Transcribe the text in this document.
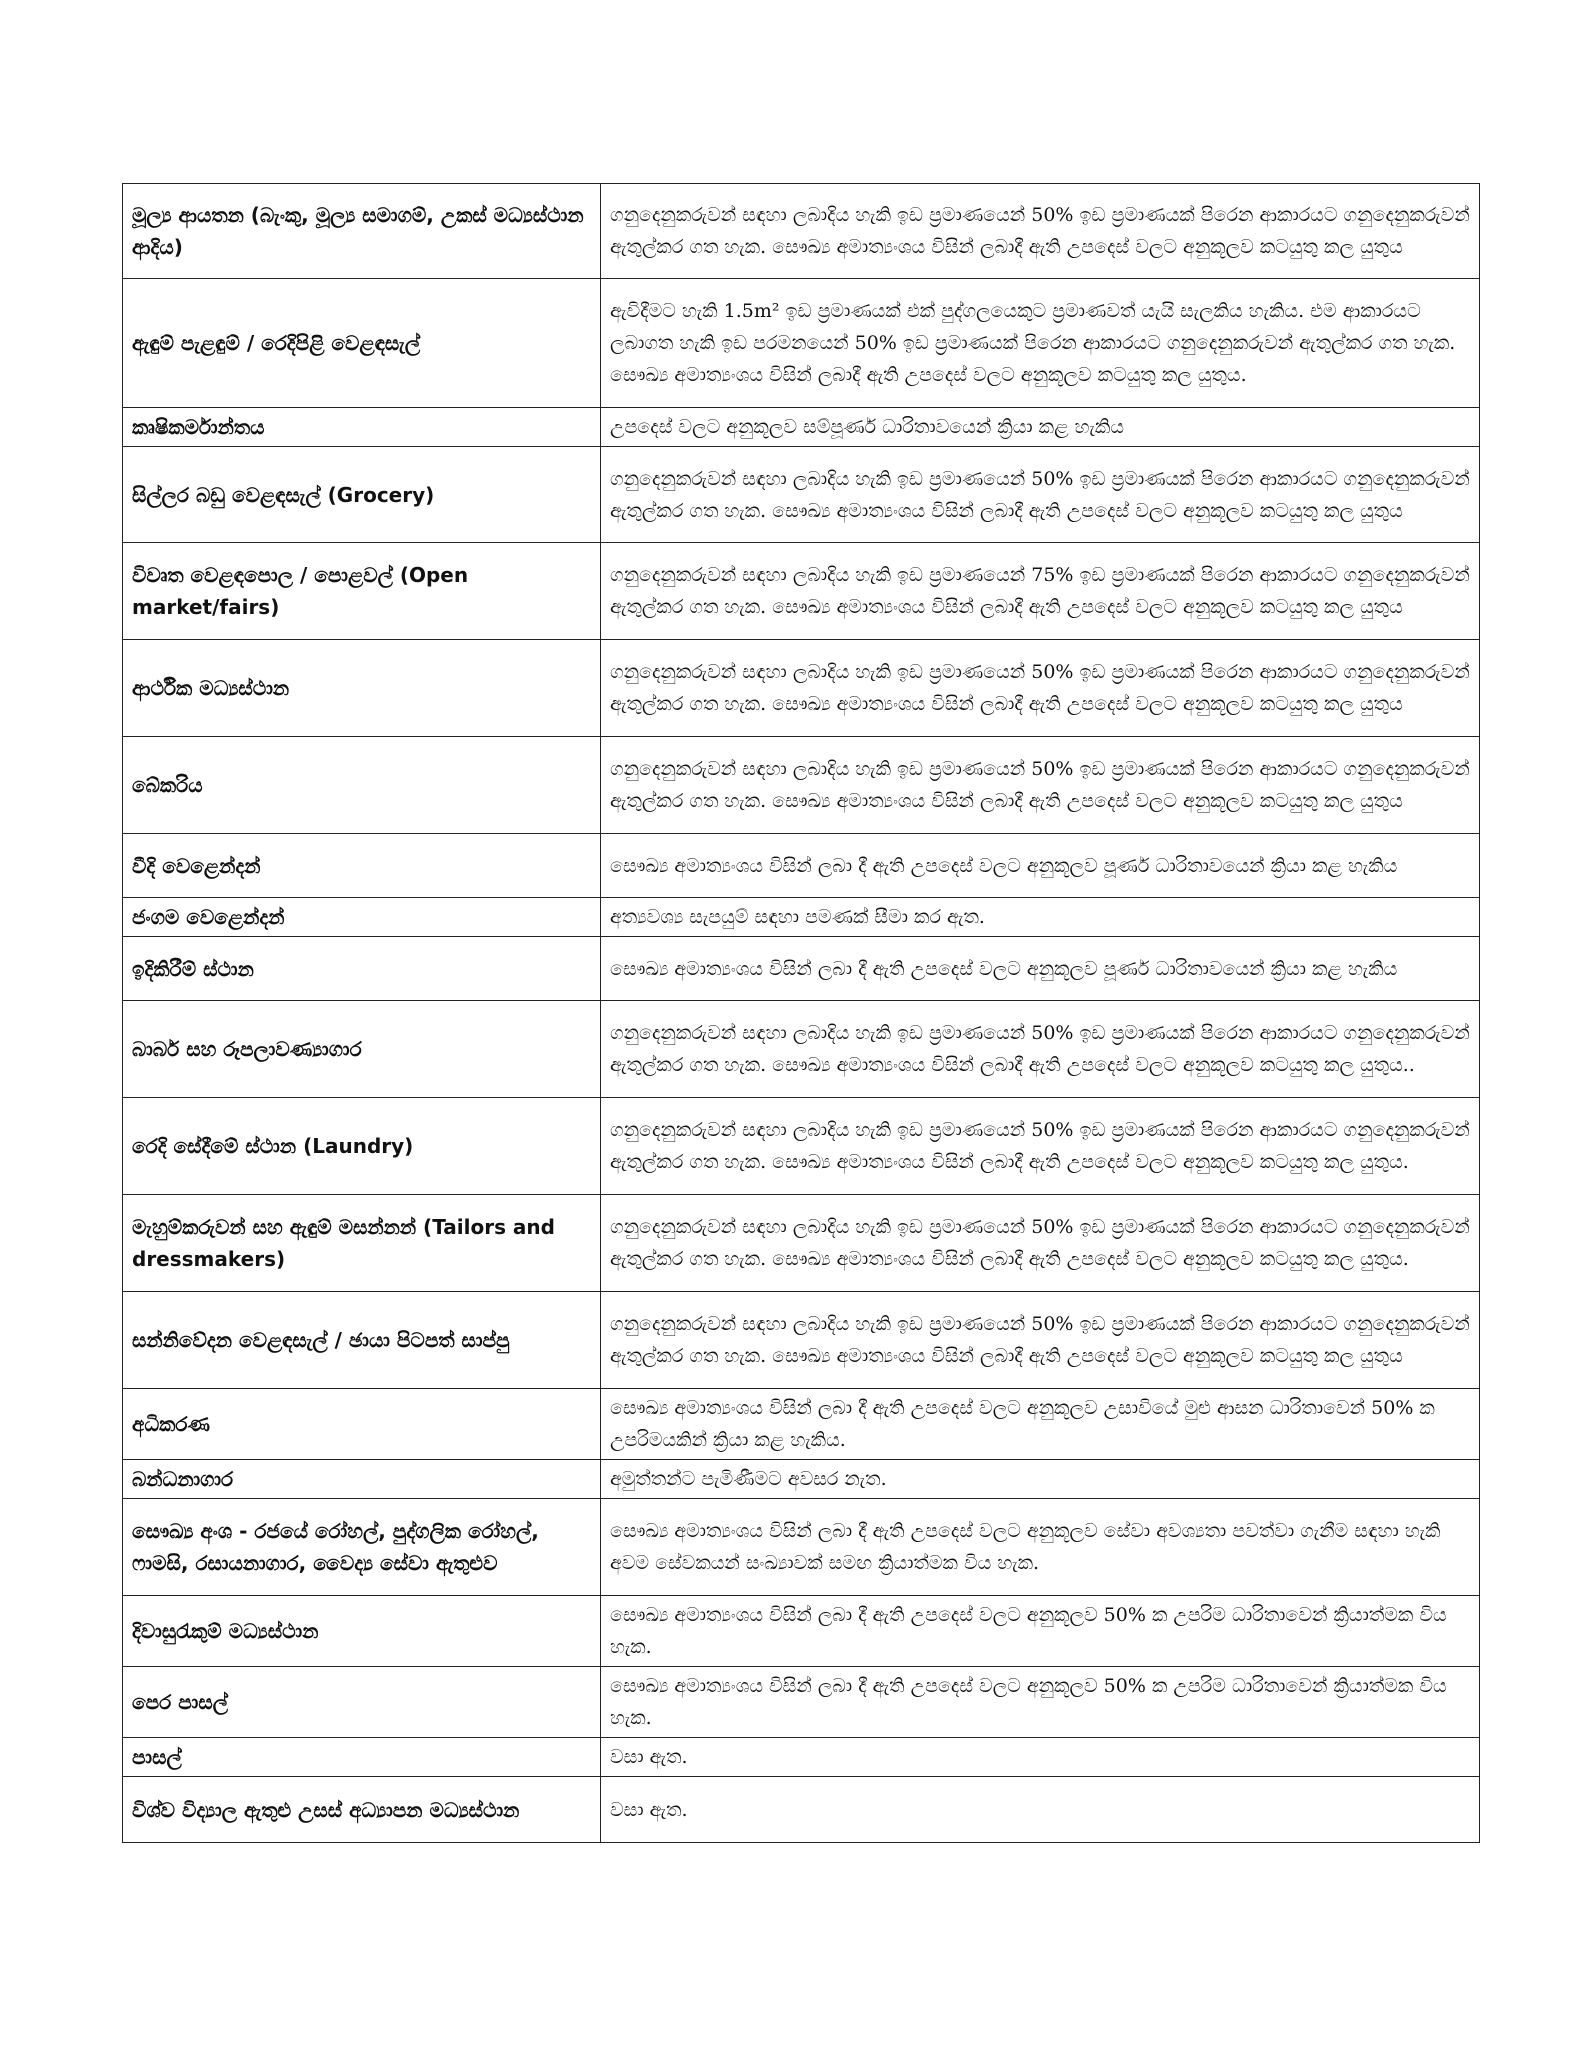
මූල්‍ය ආයතන (බැංකු, මූල්‍ය සමාගම්, උකස් මධ්‍යස්ථාන ආදිය)	ගනුදෙනුකරුවන් සඳහා ලබාදිය හැකි ඉඩ ප්‍රමාණයෙන් 50% ඉඩ ප්‍රමාණයක් පිරෙන ආකාරයට ගනුදෙනුකරුවන් ඇතුල්කර ගත හැක. සෞඛ්‍ය අමාත්‍යංශය විසින් ලබාදී ඇති උපදෙස් වලට අනුකූලව කටයුතු කල යුතුය
ඇඳුම් පැළඳුම් / රෙදිපිළි වෙළඳසැල්	ඇවිදීමට හැකි 1.5m² ඉඩ ප්‍රමාණයක් එක් පුද්ගලයෙකුට ප්‍රමාණවත් යැයි සැලකිය හැකිය. එම ආකාරයට ලබාගත හැකි ඉඩ පරමනයෙන් 50% ඉඩ ප්‍රමාණයක් පිරෙන ආකාරයට ගනුදෙනුකරුවන් ඇතුල්කර ගත හැක. සෞඛ්‍ය අමාත්‍යංශය විසින් ලබාදී ඇති උපදෙස් වලට අනුකූලව කටයුතු කල යුතුය.
කෘෂිකර්මාන්තය	උපදෙස් වලට අනුකූලව සම්පූර්ණ ධාරිතාවයෙන් ක්‍රියා කළ හැකිය
සිල්ලර බඩු වෙළඳසැල් (Grocery)	ගනුදෙනුකරුවන් සඳහා ලබාදිය හැකි ඉඩ ප්‍රමාණයෙන් 50% ඉඩ ප්‍රමාණයක් පිරෙන ආකාරයට ගනුදෙනුකරුවන් ඇතුල්කර ගත හැක. සෞඛ්‍ය අමාත්‍යංශය විසින් ලබාදී ඇති උපදෙස් වලට අනුකූලව කටයුතු කල යුතුය
විවෘත වෙළඳපොල / පොළවල් (Open market/fairs)	ගනුදෙනුකරුවන් සඳහා ලබාදිය හැකි ඉඩ ප්‍රමාණයෙන් 75% ඉඩ ප්‍රමාණයක් පිරෙන ආකාරයට ගනුදෙනුකරුවන් ඇතුල්කර ගත හැක. සෞඛ්‍ය අමාත්‍යංශය විසින් ලබාදී ඇති උපදෙස් වලට අනුකූලව කටයුතු කල යුතුය
ආර්ථික මධ්‍යස්ථාන	ගනුදෙනුකරුවන් සඳහා ලබාදිය හැකි ඉඩ ප්‍රමාණයෙන් 50% ඉඩ ප්‍රමාණයක් පිරෙන ආකාරයට ගනුදෙනුකරුවන් ඇතුල්කර ගත හැක. සෞඛ්‍ය අමාත්‍යංශය විසින් ලබාදී ඇති උපදෙස් වලට අනුකූලව කටයුතු කල යුතුය
බේකරිය	ගනුදෙනුකරුවන් සඳහා ලබාදිය හැකි ඉඩ ප්‍රමාණයෙන් 50% ඉඩ ප්‍රමාණයක් පිරෙන ආකාරයට ගනුදෙනුකරුවන් ඇතුල්කර ගත හැක. සෞඛ්‍ය අමාත්‍යංශය විසින් ලබාදී ඇති උපදෙස් වලට අනුකූලව කටයුතු කල යුතුය
වීදි වෙළෙන්දන්	සෞඛ්‍ය අමාත්‍යංශය විසින් ලබා දී ඇති උපදෙස් වලට අනුකූලව පූර්ණ ධාරිතාවයෙන් ක්‍රියා කළ හැකිය
ජංගම වෙළෙන්දන්	අත්‍යවශ්‍ය සැපයුම් සඳහා පමණක් සීමා කර ඇත.
ඉදිකිරීම් ස්ථාන	සෞඛ්‍ය අමාත්‍යංශය විසින් ලබා දී ඇති උපදෙස් වලට අනුකූලව පූර්ණ ධාරිතාවයෙන් ක්‍රියා කළ හැකිය
බාබර් සහ රූපලාවණ්‍යාගාර	ගනුදෙනුකරුවන් සඳහා ලබාදිය හැකි ඉඩ ප්‍රමාණයෙන් 50% ඉඩ ප්‍රමාණයක් පිරෙන ආකාරයට ගනුදෙනුකරුවන් ඇතුල්කර ගත හැක. සෞඛ්‍ය අමාත්‍යංශය විසින් ලබාදී ඇති උපදෙස් වලට අනුකූලව කටයුතු කල යුතුය..
රෙදි සේදීමේ ස්ථාන (Laundry)	ගනුදෙනුකරුවන් සඳහා ලබාදිය හැකි ඉඩ ප්‍රමාණයෙන් 50% ඉඩ ප්‍රමාණයක් පිරෙන ආකාරයට ගනුදෙනුකරුවන් ඇතුල්කර ගත හැක. සෞඛ්‍ය අමාත්‍යංශය විසින් ලබාදී ඇති උපදෙස් වලට අනුකූලව කටයුතු කල යුතුය.
මැහුම්කරුවන් සහ ඇඳුම් මසන්නන් (Tailors and dressmakers)	ගනුදෙනුකරුවන් සඳහා ලබාදිය හැකි ඉඩ ප්‍රමාණයෙන් 50% ඉඩ ප්‍රමාණයක් පිරෙන ආකාරයට ගනුදෙනුකරුවන් ඇතුල්කර ගත හැක. සෞඛ්‍ය අමාත්‍යංශය විසින් ලබාදී ඇති උපදෙස් වලට අනුකූලව කටයුතු කල යුතුය.
සන්නිවේදන වෙළඳසැල් / ඡායා පිටපත් සාප්පු	ගනුදෙනුකරුවන් සඳහා ලබාදිය හැකි ඉඩ ප්‍රමාණයෙන් 50% ඉඩ ප්‍රමාණයක් පිරෙන ආකාරයට ගනුදෙනුකරුවන් ඇතුල්කර ගත හැක. සෞඛ්‍ය අමාත්‍යංශය විසින් ලබාදී ඇති උපදෙස් වලට අනුකූලව කටයුතු කල යුතුය
අධිකරණ	සෞඛ්‍ය අමාත්‍යංශය විසින් ලබා දී ඇති උපදෙස් වලට අනුකූලව උසාවියේ මුළු ආසන ධාරිතාවෙන් 50% ක උපරිමයකින් ක්‍රියා කළ හැකිය.
බන්ධනාගාර	අමුත්තන්ට පැමිණීමට අවසර නැත.
සෞඛ්‍ය අංශ - රජයේ රෝහල්, පුද්ගලික රෝහල්, ෆාමසි, රසායනාගාර, වෛද්‍ය සේවා ඇතුළුව	සෞඛ්‍ය අමාත්‍යංශය විසින් ලබා දී ඇති උපදෙස් වලට අනුකූලව සේවා අවශ්‍යතා පවත්වා ගැනීම සඳහා හැකි අවම සේවකයන් සංඛ්‍යාවක් සමඟ ක්‍රියාත්මක විය හැක.
දිවාසුරැකුම් මධ්‍යස්ථාන	සෞඛ්‍ය අමාත්‍යංශය විසින් ලබා දී ඇති උපදෙස් වලට අනුකූලව 50% ක උපරිම ධාරිතාවෙන් ක්‍රියාත්මක විය හැක.
පෙර පාසල්	සෞඛ්‍ය අමාත්‍යංශය විසින් ලබා දී ඇති උපදෙස් වලට අනුකූලව 50% ක උපරිම ධාරිතාවෙන් ක්‍රියාත්මක විය හැක.
පාසල්	වසා ඇත.
විශ්ව විද්‍යාල ඇතුළු උසස් අධ්‍යාපන මධ්‍යස්ථාන	වසා ඇත.
